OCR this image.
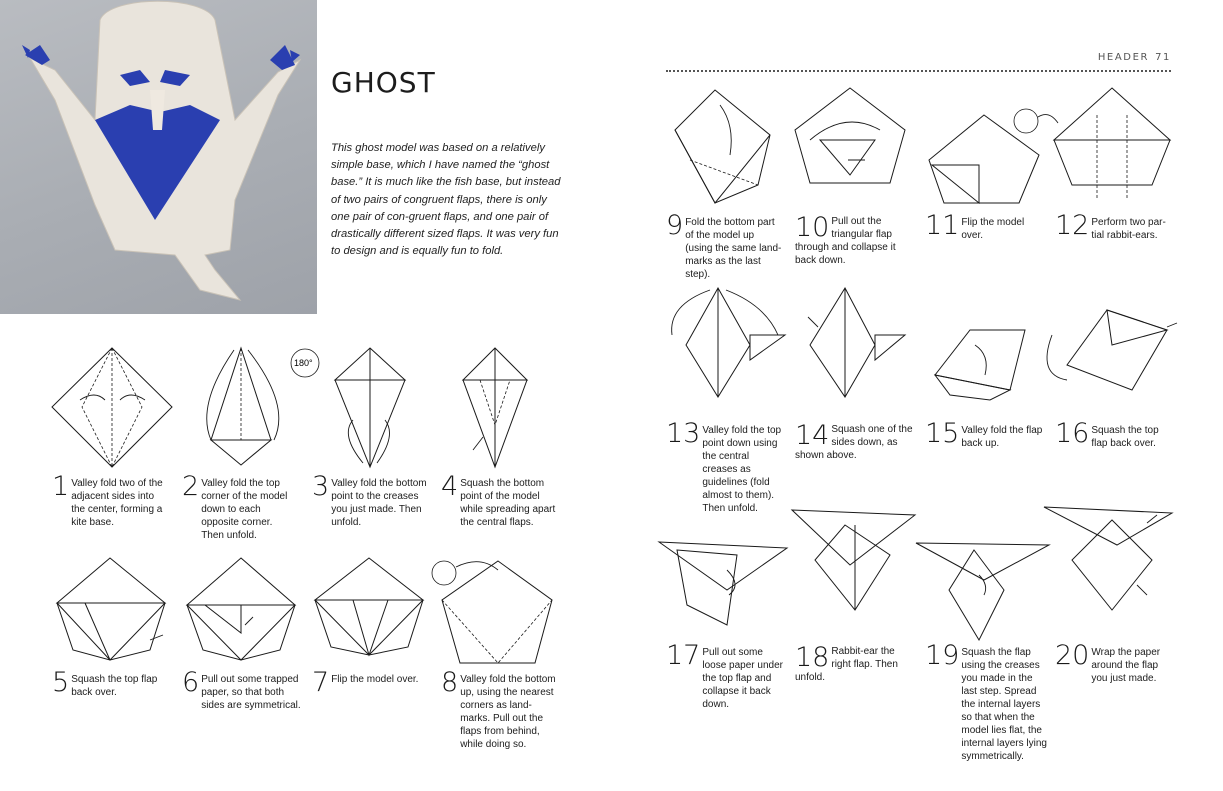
GHOST
This ghost model was based on a relatively simple base, which I have named the “ghost base.” It is much like the fish base, but instead of two pairs of congruent flaps, there is only one pair of con-gruent flaps, and one pair of drastically different sized flaps. It was very fun to design and is equally fun to fold.
180°
1 Valley fold two of the adjacent sides into the center, forming a kite base.
2 Valley fold the top corner of the model down to each opposite corner. Then unfold.
3 Valley fold the bottom point to the creases you just made. Then unfold.
4 Squash the bottom point of the model while spreading apart the central flaps.
5 Squash the top flap back over.	6 Pull out some trapped paper, so that both sides are symmetrical.
7 Flip the model over. 8 Valley fold the bottom up, using the nearest corners as land-marks. Pull out the flaps from behind, while doing so.
HEADER 71
9 Fold the bottom part of the model up (using the same land-marks as the last step).
10 Pull out the triangular flap through and collapse it back down.
11 Flip the model over.	12 Perform two par-tial rabbit-ears.
13 Valley fold the top point down using the central creases as guidelines (fold almost to them). Then unfold.
14 Squash one of the sides down, as shown above.
15 Valley fold the flap back up.	16 Squash the top flap back over.
17 Pull out some loose paper under the top flap and collapse it back down.
18 Rabbit-ear the right flap. Then unfold.
19 Squash the flap using the creases you made in the last step. Spread the internal layers so that when the model lies flat, the internal layers lying symmetrically.
20 Wrap the paper around the flap you just made.
